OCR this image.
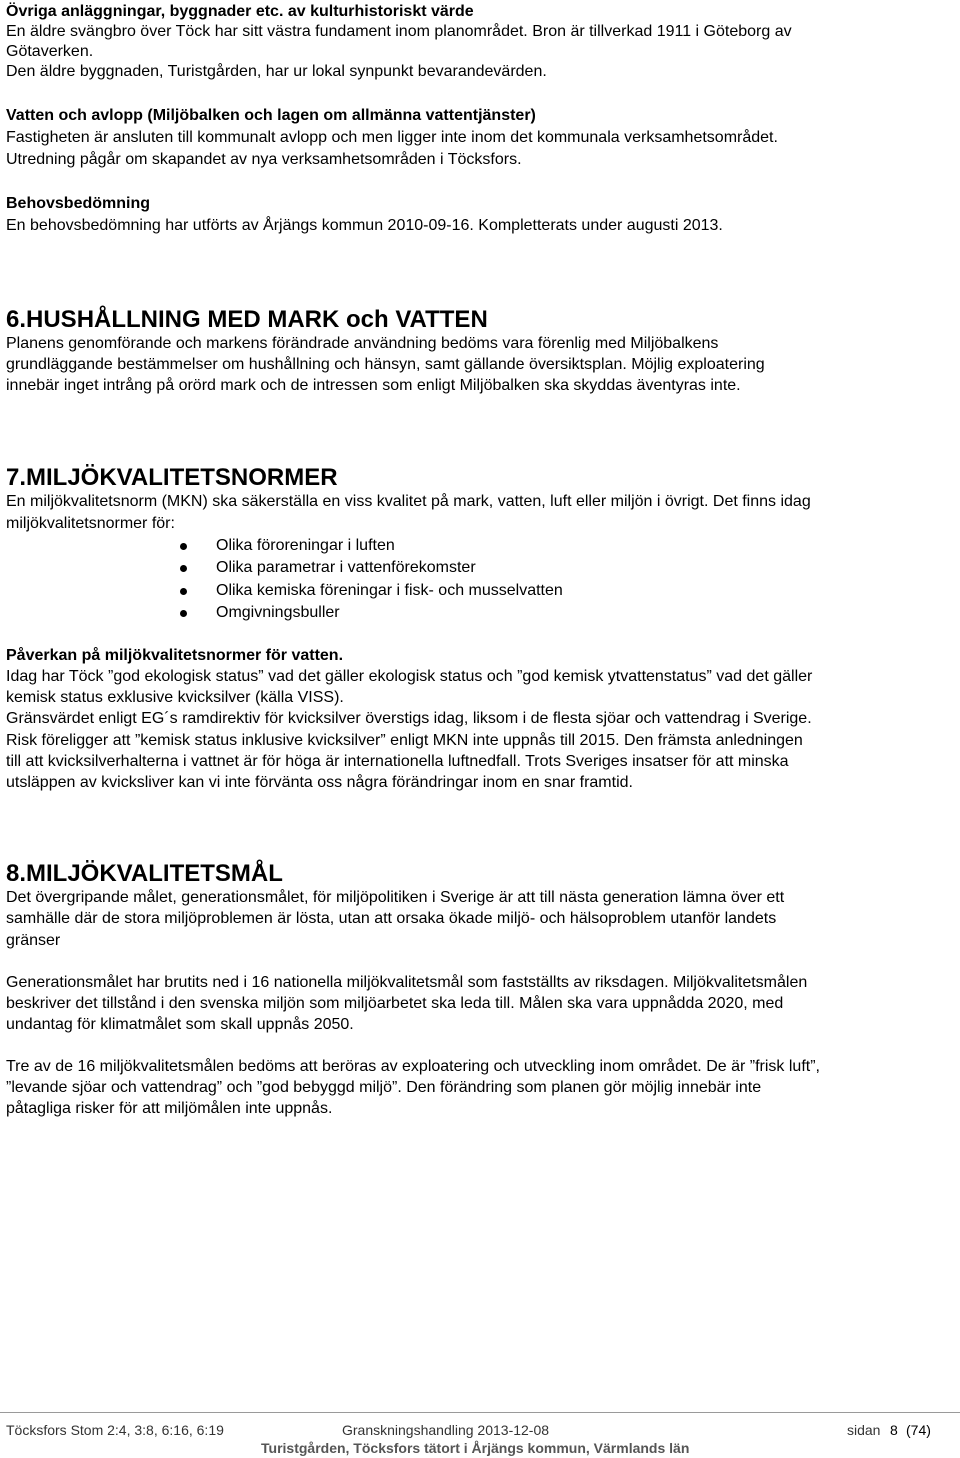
Övriga anläggningar, byggnader etc. av kulturhistoriskt värde
En äldre svängbro över Töck har sitt västra fundament inom planområdet. Bron är tillverkad 1911 i Göteborg av
Götaverken.
Den äldre byggnaden, Turistgården, har ur lokal synpunkt bevarandevärden.
Vatten och avlopp (Miljöbalken och lagen om allmänna vattentjänster)
Fastigheten är ansluten till kommunalt avlopp och men ligger inte inom det kommunala verksamhetsområdet.
Utredning pågår om skapandet av nya verksamhetsområden i Töcksfors.
Behovsbedömning
En behovsbedömning har utförts av Årjängs kommun 2010-09-16. Kompletterats under augusti 2013.
6.HUSHÅLLNING MED MARK och VATTEN
Planens genomförande och markens förändrade användning bedöms vara förenlig med Miljöbalkens
grundläggande bestämmelser om hushållning och hänsyn, samt gällande översiktsplan. Möjlig exploatering
innebär inget intrång på orörd mark och de intressen som enligt Miljöbalken ska skyddas äventyras inte.
7.MILJÖKVALITETSNORMER
En miljökvalitetsnorm (MKN) ska säkerställa en viss kvalitet på mark, vatten, luft eller miljön i övrigt. Det finns idag
miljökvalitetsnormer för:
Olika föroreningar i luften
Olika parametrar i vattenförekomster
Olika kemiska föreningar i fisk- och musselvatten
Omgivningsbuller
Påverkan på miljökvalitetsnormer för vatten.
Idag har Töck ”god ekologisk status” vad det gäller ekologisk status och ”god kemisk ytvattenstatus” vad det gäller
kemisk status exklusive kvicksilver (källa VISS).
Gränsvärdet enligt EG´s ramdirektiv för kvicksilver överstigs idag, liksom i de flesta sjöar och vattendrag i Sverige.
Risk föreligger att ”kemisk status inklusive kvicksilver” enligt MKN inte uppnås till 2015. Den främsta anledningen
till att kvicksilverhalterna i vattnet är för höga är internationella luftnedfall. Trots Sveriges insatser för att minska
utsläppen av kvicksliver kan vi inte förvänta oss några förändringar inom en snar framtid.
8.MILJÖKVALITETSMÅL
Det övergripande målet, generationsmålet, för miljöpolitiken i Sverige är att till nästa generation lämna över ett
samhälle där de stora miljöproblemen är lösta, utan att orsaka ökade miljö- och hälsoproblem utanför landets
gränser
Generationsmålet har brutits ned i 16 nationella miljökvalitetsmål som fastställts av riksdagen. Miljökvalitetsmålen
beskriver det tillstånd i den svenska miljön som miljöarbetet ska leda till. Målen ska vara uppnådda 2020, med
undantag för klimatmålet som skall uppnås 2050.
Tre av de 16 miljökvalitetsmålen bedöms att beröras av exploatering och utveckling inom området. De är ”frisk luft”,
”levande sjöar och vattendrag” och ”god bebyggd miljö”. Den förändring som planen gör möjlig innebär inte
påtagliga risker för att miljömålen inte uppnås.
Töcksfors Stom 2:4, 3:8, 6:16, 6:19	Granskningshandling 2013-12-08	sidan 8 (74)
Turistgården, Töcksfors tätort i Årjängs kommun, Värmlands län
